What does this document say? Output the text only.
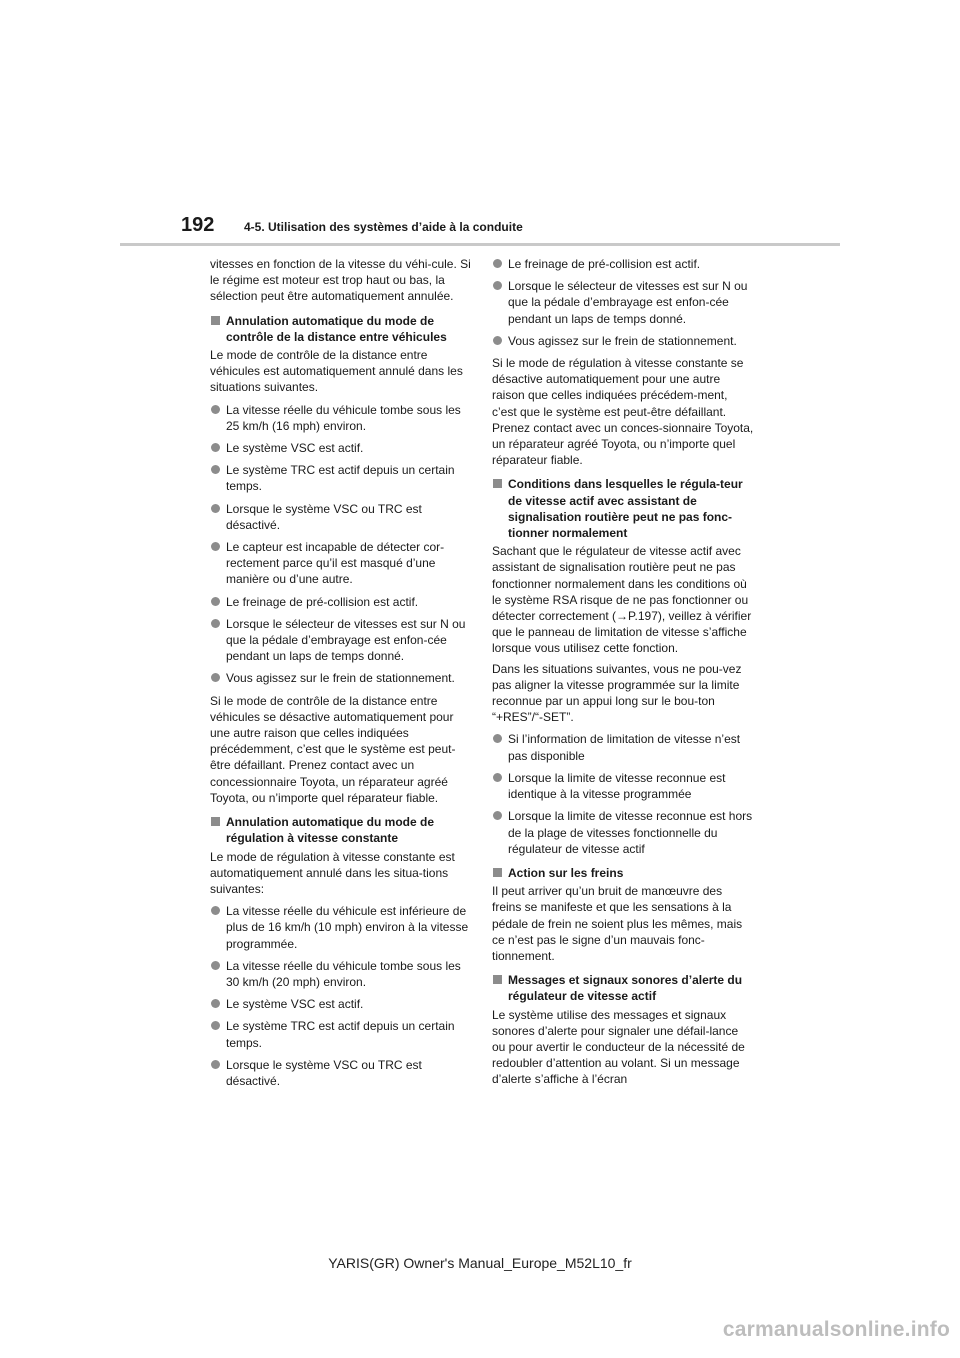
192 4-5. Utilisation des systèmes d’aide à la conduite
vitesses en fonction de la vitesse du véhi-cule. Si le régime est moteur est trop haut ou bas, la sélection peut être automatiquement annulée.
Annulation automatique du mode de contrôle de la distance entre véhicules
Le mode de contrôle de la distance entre véhicules est automatiquement annulé dans les situations suivantes.
La vitesse réelle du véhicule tombe sous les 25 km/h (16 mph) environ.
Le système VSC est actif.
Le système TRC est actif depuis un certain temps.
Lorsque le système VSC ou TRC est désactivé.
Le capteur est incapable de détecter cor-rectement parce qu’il est masqué d’une manière ou d’une autre.
Le freinage de pré-collision est actif.
Lorsque le sélecteur de vitesses est sur N ou que la pédale d’embrayage est enfon-cée pendant un laps de temps donné.
Vous agissez sur le frein de stationnement.
Si le mode de contrôle de la distance entre véhicules se désactive automatiquement pour une autre raison que celles indiquées précédemment, c’est que le système est peut-être défaillant. Prenez contact avec un concessionnaire Toyota, un réparateur agréé Toyota, ou n’importe quel réparateur fiable.
Annulation automatique du mode de régulation à vitesse constante
Le mode de régulation à vitesse constante est automatiquement annulé dans les situa-tions suivantes:
La vitesse réelle du véhicule est inférieure de plus de 16 km/h (10 mph) environ à la vitesse programmée.
La vitesse réelle du véhicule tombe sous les 30 km/h (20 mph) environ.
Le système VSC est actif.
Le système TRC est actif depuis un certain temps.
Lorsque le système VSC ou TRC est désactivé.
Le freinage de pré-collision est actif.
Lorsque le sélecteur de vitesses est sur N ou que la pédale d’embrayage est enfon-cée pendant un laps de temps donné.
Vous agissez sur le frein de stationnement.
Si le mode de régulation à vitesse constante se désactive automatiquement pour une autre raison que celles indiquées précédem-ment, c’est que le système est peut-être défaillant. Prenez contact avec un conces-sionnaire Toyota, un réparateur agréé Toyota, ou n’importe quel réparateur fiable.
Conditions dans lesquelles le régula-teur de vitesse actif avec assistant de signalisation routière peut ne pas fonc-tionner normalement
Sachant que le régulateur de vitesse actif avec assistant de signalisation routière peut ne pas fonctionner normalement dans les conditions où le système RSA risque de ne pas fonctionner ou détecter correctement (→P.197), veillez à vérifier que le panneau de limitation de vitesse s’affiche lorsque vous utilisez cette fonction.
Dans les situations suivantes, vous ne pou-vez pas aligner la vitesse programmée sur la limite reconnue par un appui long sur le bou-ton “+RES”/“-SET”.
Si l’information de limitation de vitesse n’est pas disponible
Lorsque la limite de vitesse reconnue est identique à la vitesse programmée
Lorsque la limite de vitesse reconnue est hors de la plage de vitesses fonctionnelle du régulateur de vitesse actif
Action sur les freins
Il peut arriver qu’un bruit de manœuvre des freins se manifeste et que les sensations à la pédale de frein ne soient plus les mêmes, mais ce n’est pas le signe d’un mauvais fonc-tionnement.
Messages et signaux sonores d’alerte du régulateur de vitesse actif
Le système utilise des messages et signaux sonores d’alerte pour signaler une défail-lance ou pour avertir le conducteur de la nécessité de redoubler d’attention au volant. Si un message d’alerte s’affiche à l’écran
YARIS(GR) Owner's Manual_Europe_M52L10_fr
carmanualsonline.info
